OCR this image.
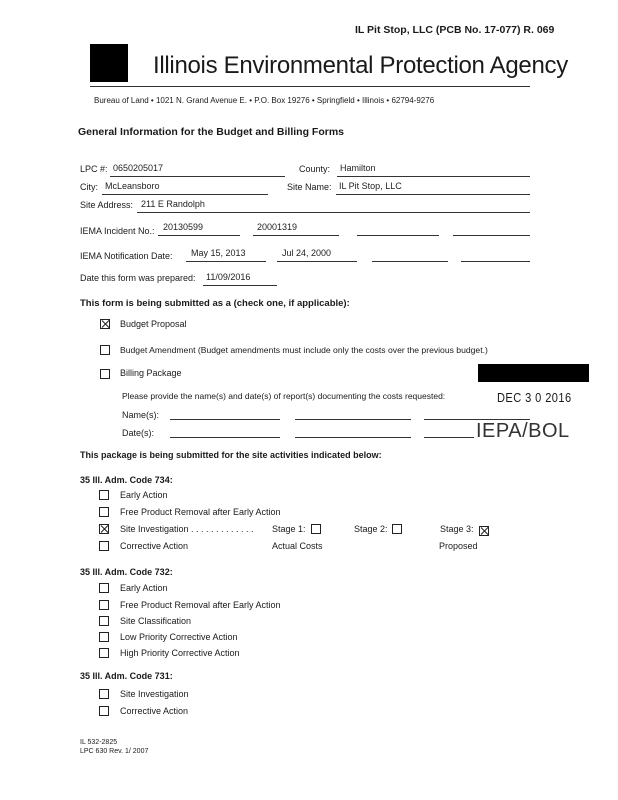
IL Pit Stop, LLC (PCB No. 17-077) R. 069
Illinois Environmental Protection Agency
Bureau of Land • 1021 N. Grand Avenue E. • P.O. Box 19276 • Springfield • Illinois • 62794-9276
General Information for the Budget and Billing Forms
LPC #: 0650205017	County: Hamilton
City: McLeansboro	Site Name: IL Pit Stop, LLC
Site Address: 211 E Randolph
IEMA Incident No.: 20130599	20001319
IEMA Notification Date: May 15, 2013	Jul 24, 2000
Date this form was prepared: 11/09/2016
This form is being submitted as a (check one, if applicable):
Budget Proposal
Budget Amendment (Budget amendments must include only the costs over the previous budget.)
Billing Package
Please provide the name(s) and date(s) of report(s) documenting the costs requested:	DEC 3 0 2016
Name(s):
Date(s):	IEPA/BOL
This package is being submitted for the site activities indicated below:
35 Ill. Adm. Code 734:
Early Action
Free Product Removal after Early Action
Site Investigation . . . . . . . . . . . . . Stage 1:	Stage 2:	Stage 3:
Corrective Action	Actual Costs	Proposed
35 Ill. Adm. Code 732:
Early Action
Free Product Removal after Early Action
Site Classification
Low Priority Corrective Action
High Priority Corrective Action
35 Ill. Adm. Code 731:
Site Investigation
Corrective Action
IL 532-2825
LPC 630 Rev. 1/ 2007
